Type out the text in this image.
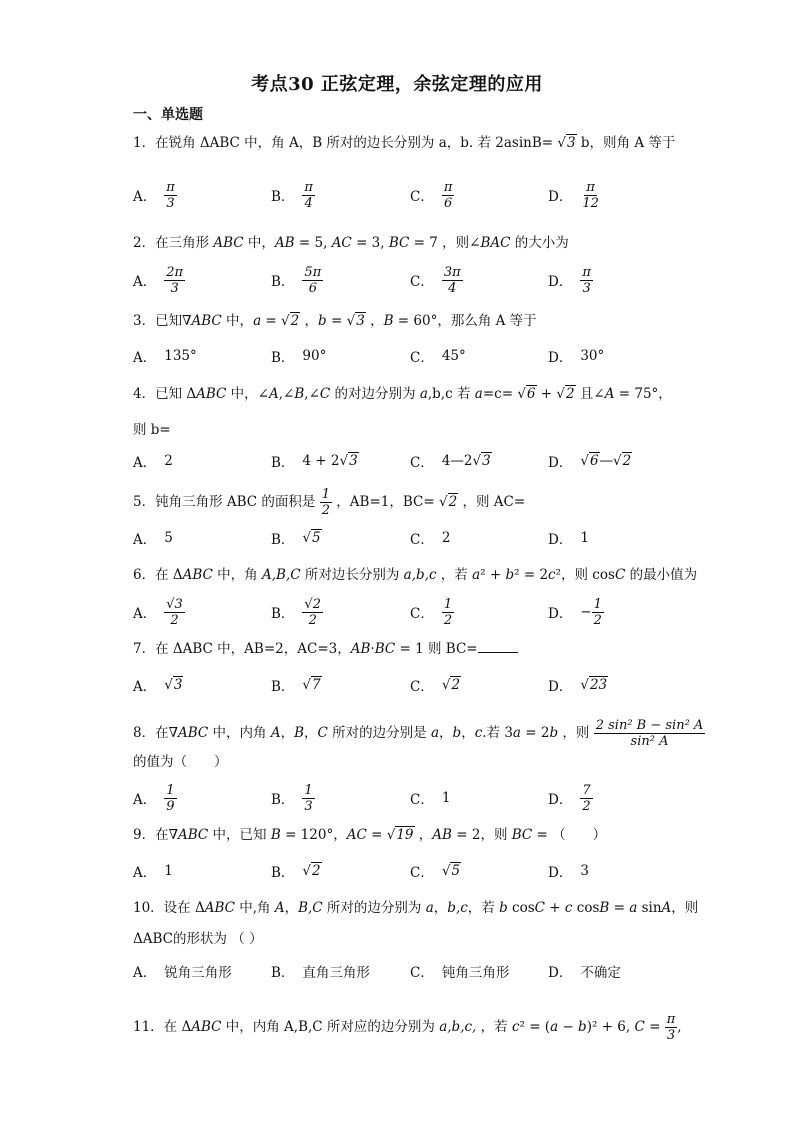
考点30 正弦定理，余弦定理的应用
一、单选题
1．在锐角 ΔABC 中，角 A，B 所对的边长分别为 a，b. 若 2asinB= √3 b，则角 A 等于
A． $\frac{\pi}{3}$	B． $\frac{\pi}{4}$	C． $\frac{\pi}{6}$	D． $\frac{\pi}{12}$
2．在三角形 ABC 中，AB = 5, AC = 3, BC = 7 ，则∠BAC 的大小为
A． $\frac{2\pi}{3}$	B． $\frac{5\pi}{6}$	C． $\frac{3\pi}{4}$	D． $\frac{\pi}{3}$
3．已知∇ABC 中，a = √2 ，b = √3 ，B = 60°，那么角 A 等于
A． 135°	B． 90°	C． 45°	D． 30°
4．已知 ΔABC 中，∠A,∠B,∠C 的对边分别为 a,b,c 若 a=c= √6 + √2 且∠A = 75°，
则 b=
A． 2	B． 4 + 2 √3	C． 4—2 √3	D． √6 — √2
5．钝角三角形 ABC 的面积是 $\frac{1}{2}$ ，AB=1，BC= √2 ，则 AC=
A． 5	B． √5	C． 2	D． 1
6．在 ΔABC 中，角 A,B,C 所对边长分别为 a,b,c ，若 a² + b² = 2c²，则 cosC 的最小值为
A． $\frac{√3}{2}$	B． $\frac{√2}{2}$	C． $\frac{1}{2}$	D． − $\frac{1}{2}$
7．在 ΔABC 中，AB=2，AC=3，AB·BC = 1 则 BC=
A． √3	B． √7	C． √2	D． √23
8．在∇ABC 中，内角 A，B，C 所对的边分别是 a，b，c.若 3a = 2b ，则 $\frac{\text{2 sin² B − sin² A}}{\text{sin² A}}$
的值为（　　）
A． $\frac{1}{9}$	B． $\frac{1}{3}$	C． 1	D． $\frac{7}{2}$
9．在∇ABC 中，已知 B = 120°，AC = √19 ，AB = 2，则 BC = （　　）
A． 1	B． √2	C． √5	D． 3
10．设在 ΔABC 中,角 A，B,C 所对的边分别为 a，b,c，若 b cosC + c cosB = a sinA，则
ΔABC的形状为 （ ）
A． 锐角三角形	B． 直角三角形	C． 钝角三角形	D． 不确定
11．在 ΔABC 中，内角 A,B,C 所对应的边分别为 a,b,c, ，若 c² = (a − b)² + 6, $C = \frac{\pi}{3}$ ,
